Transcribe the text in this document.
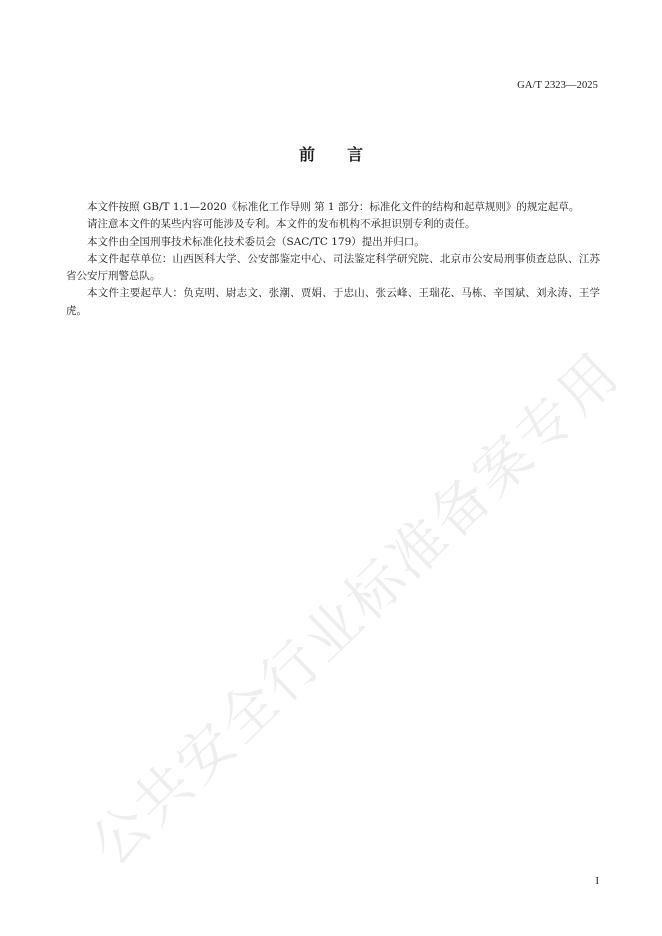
公共安全行业标准备案专用
GA/T 2323—2025
前　　言

本文件按照 GB/T 1.1—2020《标准化工作导则 第 1 部分：标准化文件的结构和起草规则》的规定起草。

请注意本文件的某些内容可能涉及专利。本文件的发布机构不承担识别专利的责任。

本文件由全国刑事技术标准化技术委员会（SAC/TC 179）提出并归口。

本文件起草单位：山西医科大学、公安部鉴定中心、司法鉴定科学研究院、北京市公安局刑事侦查总队、江苏省公安厅刑警总队。

本文件主要起草人：负克明、尉志文、张潮、贾娟、于忠山、张云峰、王瑞花、马栋、辛国斌、刘永涛、王学虎。

I
